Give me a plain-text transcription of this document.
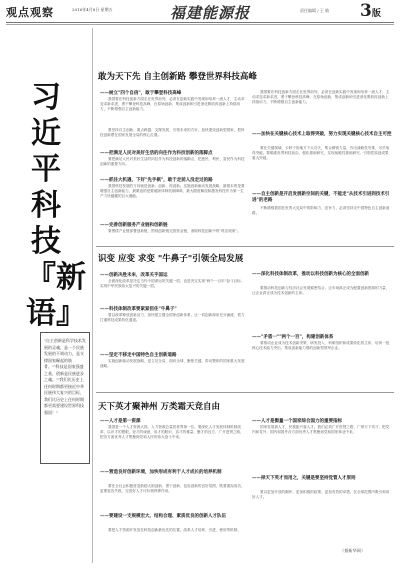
观点观察	2016年4月8日 星期五	福建能源报	责任编辑 / 王 敏 3版
习近平科技『新语』
"自主创新是科学技术发展的灵魂，是一个民族发展的不竭动力，是支撑国家崛起的筋骨。""科技是国家强盛之基，创新是民族进步之魂。""我们比历史上任何时期都更接近中华民族伟大复兴的目标，我们比历史上任何时期都更需要建设世界科技强国！"
敢为天下先 自主创新路 攀登世界科技高峰
——树立"四个自信"，敢于攀登科技高峰
我国要在科技创新方面走在世界前列，必须在创新实践中发现和培养一流人才，主动求变求新求进，勇于攀登科技高峰，在原始创新、集成创新和引进消化吸收再创新上持续用力，不断增强自主创新能力。
要坚持自主创新、重点跨越、支撑发展、引领未来的方针，加快建设创新型国家，把科技创新摆在国家发展全局的核心位置。
——把满足人民对美好生活的向往作为科技创新的落脚点
要把满足人民对美好生活的向往作为科技创新的落脚点，把惠民、利民、富民作为科技创新的重要方向。
——抓住大机遇，下好"先手棋"，敢于走前人没走过的路
我国科技发展的方向就是创新、创新、再创新。实施创新驱动发展战略，最根本的是要增强自主创新能力，最紧迫的是要破除体制机制障碍，最大限度解放和激发科技作为第一生产力所蕴藏的巨大潜能。
——完善创新服务产业链和创新链
要围绕产业链部署创新链，围绕创新链完善资金链，消除科技创新中的"孤岛现象"。
我国要在科技创新方面走在世界前列，必须在创新实践中发现和培养一流人才，主动求变求新求进，勇于攀登科技高峰，在原始创新、集成创新和引进消化吸收再创新上持续用力，不断增强自主创新能力。
——加快在关键核心技术上取得突破，努力实现关键核心技术自主可控
要在关键领域、卡脖子的地方下大功夫，集合精锐力量，作出战略性安排，尽早取得突破。要瞄准世界科技前沿，强化基础研究，实现前瞻性基础研究、引领性原创成果重大突破。
——自主创新是开启发展新空间的关键，不能走"从技术引进到技术引进"的老路
不断增强我国在世界大变局中的影响力、竞争力，必须坚持走中国特色自主创新道路。
识变 应变 求变 "牛鼻子"引领全局发展
——创新决胜未来，改革关乎国运
全面深化改革是决定当代中国命运的关键一招，也是决定实现"两个一百年"奋斗目标、实现中华民族伟大复兴的关键一招。
——科技体制改革要紧紧扭住"牛鼻子"
要以改革释放创新活力，加快建立健全国家创新体系，让一切创新源泉充分涌流，着力打通科技成果转化通道。
——坚定不移走中国特色自主创新道路
实施创新驱动发展战略，是立足全局、面向全球、聚焦关键、带动整体的国家重大发展战略。
——深化科技体制改革，推动以科技创新为核心的全面创新
要推动科技创新与经济社会发展紧密结合，让市场真正成为配置创新资源的力量，让企业真正成为技术创新的主体。
——"矛盾一""两个一百"，构建创新体系
要推动企业成为技术创新决策、研发投入、科研组织和成果转化的主体，培育一批核心技术能力突出、集成创新能力强的创新型领军企业。
天下英才聚神州 万类霜天竞自由
——人才是第一资源
我国是一个人才资源大国，人力资源总量居世界第一位。要深化人才发展体制机制改革，以识才的慧眼、爱才的诚意、用才的胆识、容才的雅量、聚才的良方，广开进贤之路，把各方面优秀人才集聚到党和人民的伟大奋斗中来。
——营造良好创新环境，加快形成有利于人才成长的培养机制
要在全社会积极营造鼓励大胆创新、勇于创新、包容创新的良好氛围，既要重视成功，更要宽容失败，完善好人才评价指挥棒作用。
——要建设一支规模宏大、结构合理、素质优良的创新人才队伍
要把人才资源开发放在科技创新最优先的位置，改革人才培养、引进、使用等机制。
——人才是衡量一个国家综合国力的重要指标
国家发展靠人才，民族振兴靠人才。我们必须广开进贤之路、广纳天下英才，把党内和党外、国内和国外各方面优秀人才集聚到党和国家事业中来。
——择天下英才而用之，关键是要坚持党管人才原则
要以更加开放的胸怀、更加积极的政策、更加有效的举措，在全球范围内吸引和用好人才。
（据新华网）
